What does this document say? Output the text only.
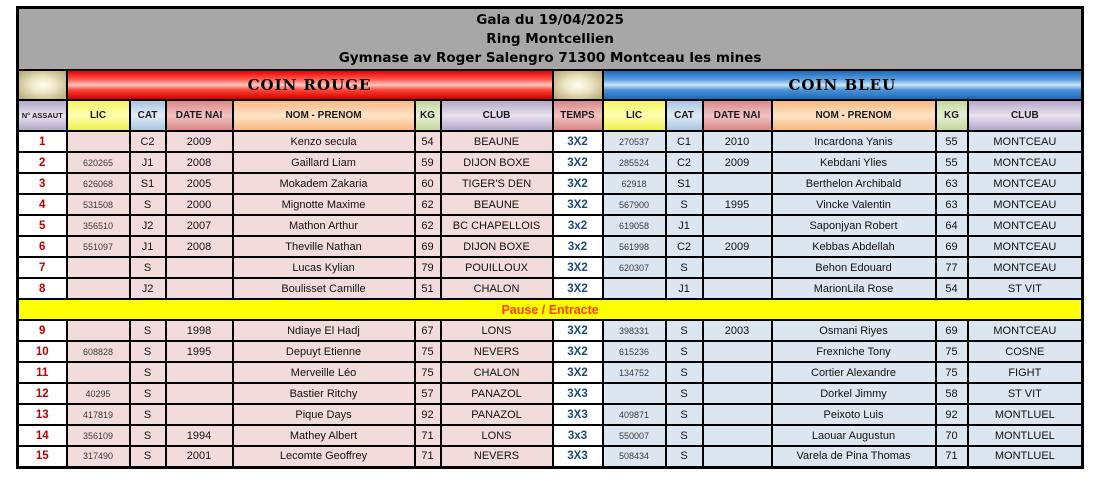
Gala du 19/04/2025
Ring Montcellien
Gymnase av Roger Salengro 71300 Montceau les mines													

	COIN ROUGE							COIN BLEU					
N° ASSAUT	LIC	CAT	DATE NAI	NOM - PRENOM	KG	CLUB	TEMPS	LIC	CAT	DATE NAI	NOM - PRENOM	KG	CLUB
1		C2	2009	Kenzo secula	54	BEAUNE	3X2	270537	C1	2010	Incardona Yanis	55	MONTCEAU
2	620265	J1	2008	Gaillard Liam	59	DIJON BOXE	3X2	285524	C2	2009	Kebdani Ylies	55	MONTCEAU
3	626068	S1	2005	Mokadem Zakaria	60	TIGER'S DEN	3X2	62918	S1		Berthelon Archibald	63	MONTCEAU
4	531508	S	2000	Mignotte Maxime	62	BEAUNE	3X2	567900	S	1995	Vincke Valentin	63	MONTCEAU
5	356510	J2	2007	Mathon Arthur	62	BC CHAPELLOIS	3x2	619058	J1		Saponjyan Robert	64	MONTCEAU
6	551097	J1	2008	Theville Nathan	69	DIJON BOXE	3x2	561998	C2	2009	Kebbas Abdellah	69	MONTCEAU
7		S		Lucas Kylian	79	POUILLOUX	3X2	620307	S		Behon Edouard	77	MONTCEAU
8		J2		Boulisset Camille	51	CHALON	3X2		J1		MarionLila Rose	54	ST VIT
Pause / Entracte													
9		S	1998	Ndiaye El Hadj	67	LONS	3X2	398331	S	2003	Osmani Riyes	69	MONTCEAU
10	608828	S	1995	Depuyt Etienne	75	NEVERS	3X2	615236	S		Frexniche Tony	75	COSNE
11		S		Merveille Léo	75	CHALON	3X2	134752	S		Cortier Alexandre	75	FIGHT
12	40295	S		Bastier Ritchy	57	PANAZOL	3X3		S		Dorkel Jimmy	58	ST VIT
13	417819	S		Pique Days	92	PANAZOL	3X3	409871	S		Peixoto Luis	92	MONTLUEL
14	356109	S	1994	Mathey Albert	71	LONS	3x3	550007	S		Laouar Augustun	70	MONTLUEL
15	317490	S	2001	Lecomte Geoffrey	71	NEVERS	3X3	508434	S		Varela de Pina Thomas	71	MONTLUEL
